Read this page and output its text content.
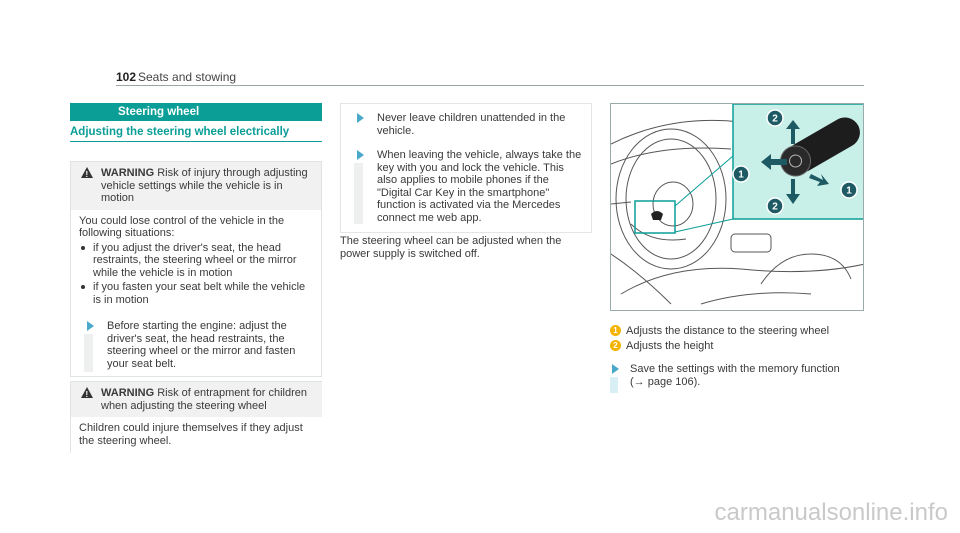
102 Seats and stowing
Steering wheel
Adjusting the steering wheel electrically
! WARNING Risk of injury through adjusting vehicle settings while the vehicle is in motion
You could lose control of the vehicle in the following situations:
if you adjust the driver's seat, the head restraints, the steering wheel or the mirror while the vehicle is in motion
if you fasten your seat belt while the vehicle is in motion
Before starting the engine: adjust the driver's seat, the head restraints, the steering wheel or the mirror and fasten your seat belt.
! WARNING Risk of entrapment for children when adjusting the steering wheel
Children could injure themselves if they adjust the steering wheel.
Never leave children unattended in the vehicle.
When leaving the vehicle, always take the key with you and lock the vehicle. This also applies to mobile phones if the "Digital Car Key in the smartphone" function is activated via the Mercedes connect me web app.
The steering wheel can be adjusted when the power supply is switched off.
2
1
1
2
1 Adjusts the distance to the steering wheel
2 Adjusts the height
Save the settings with the memory function
(→ page 106).
carmanualsonline.info
